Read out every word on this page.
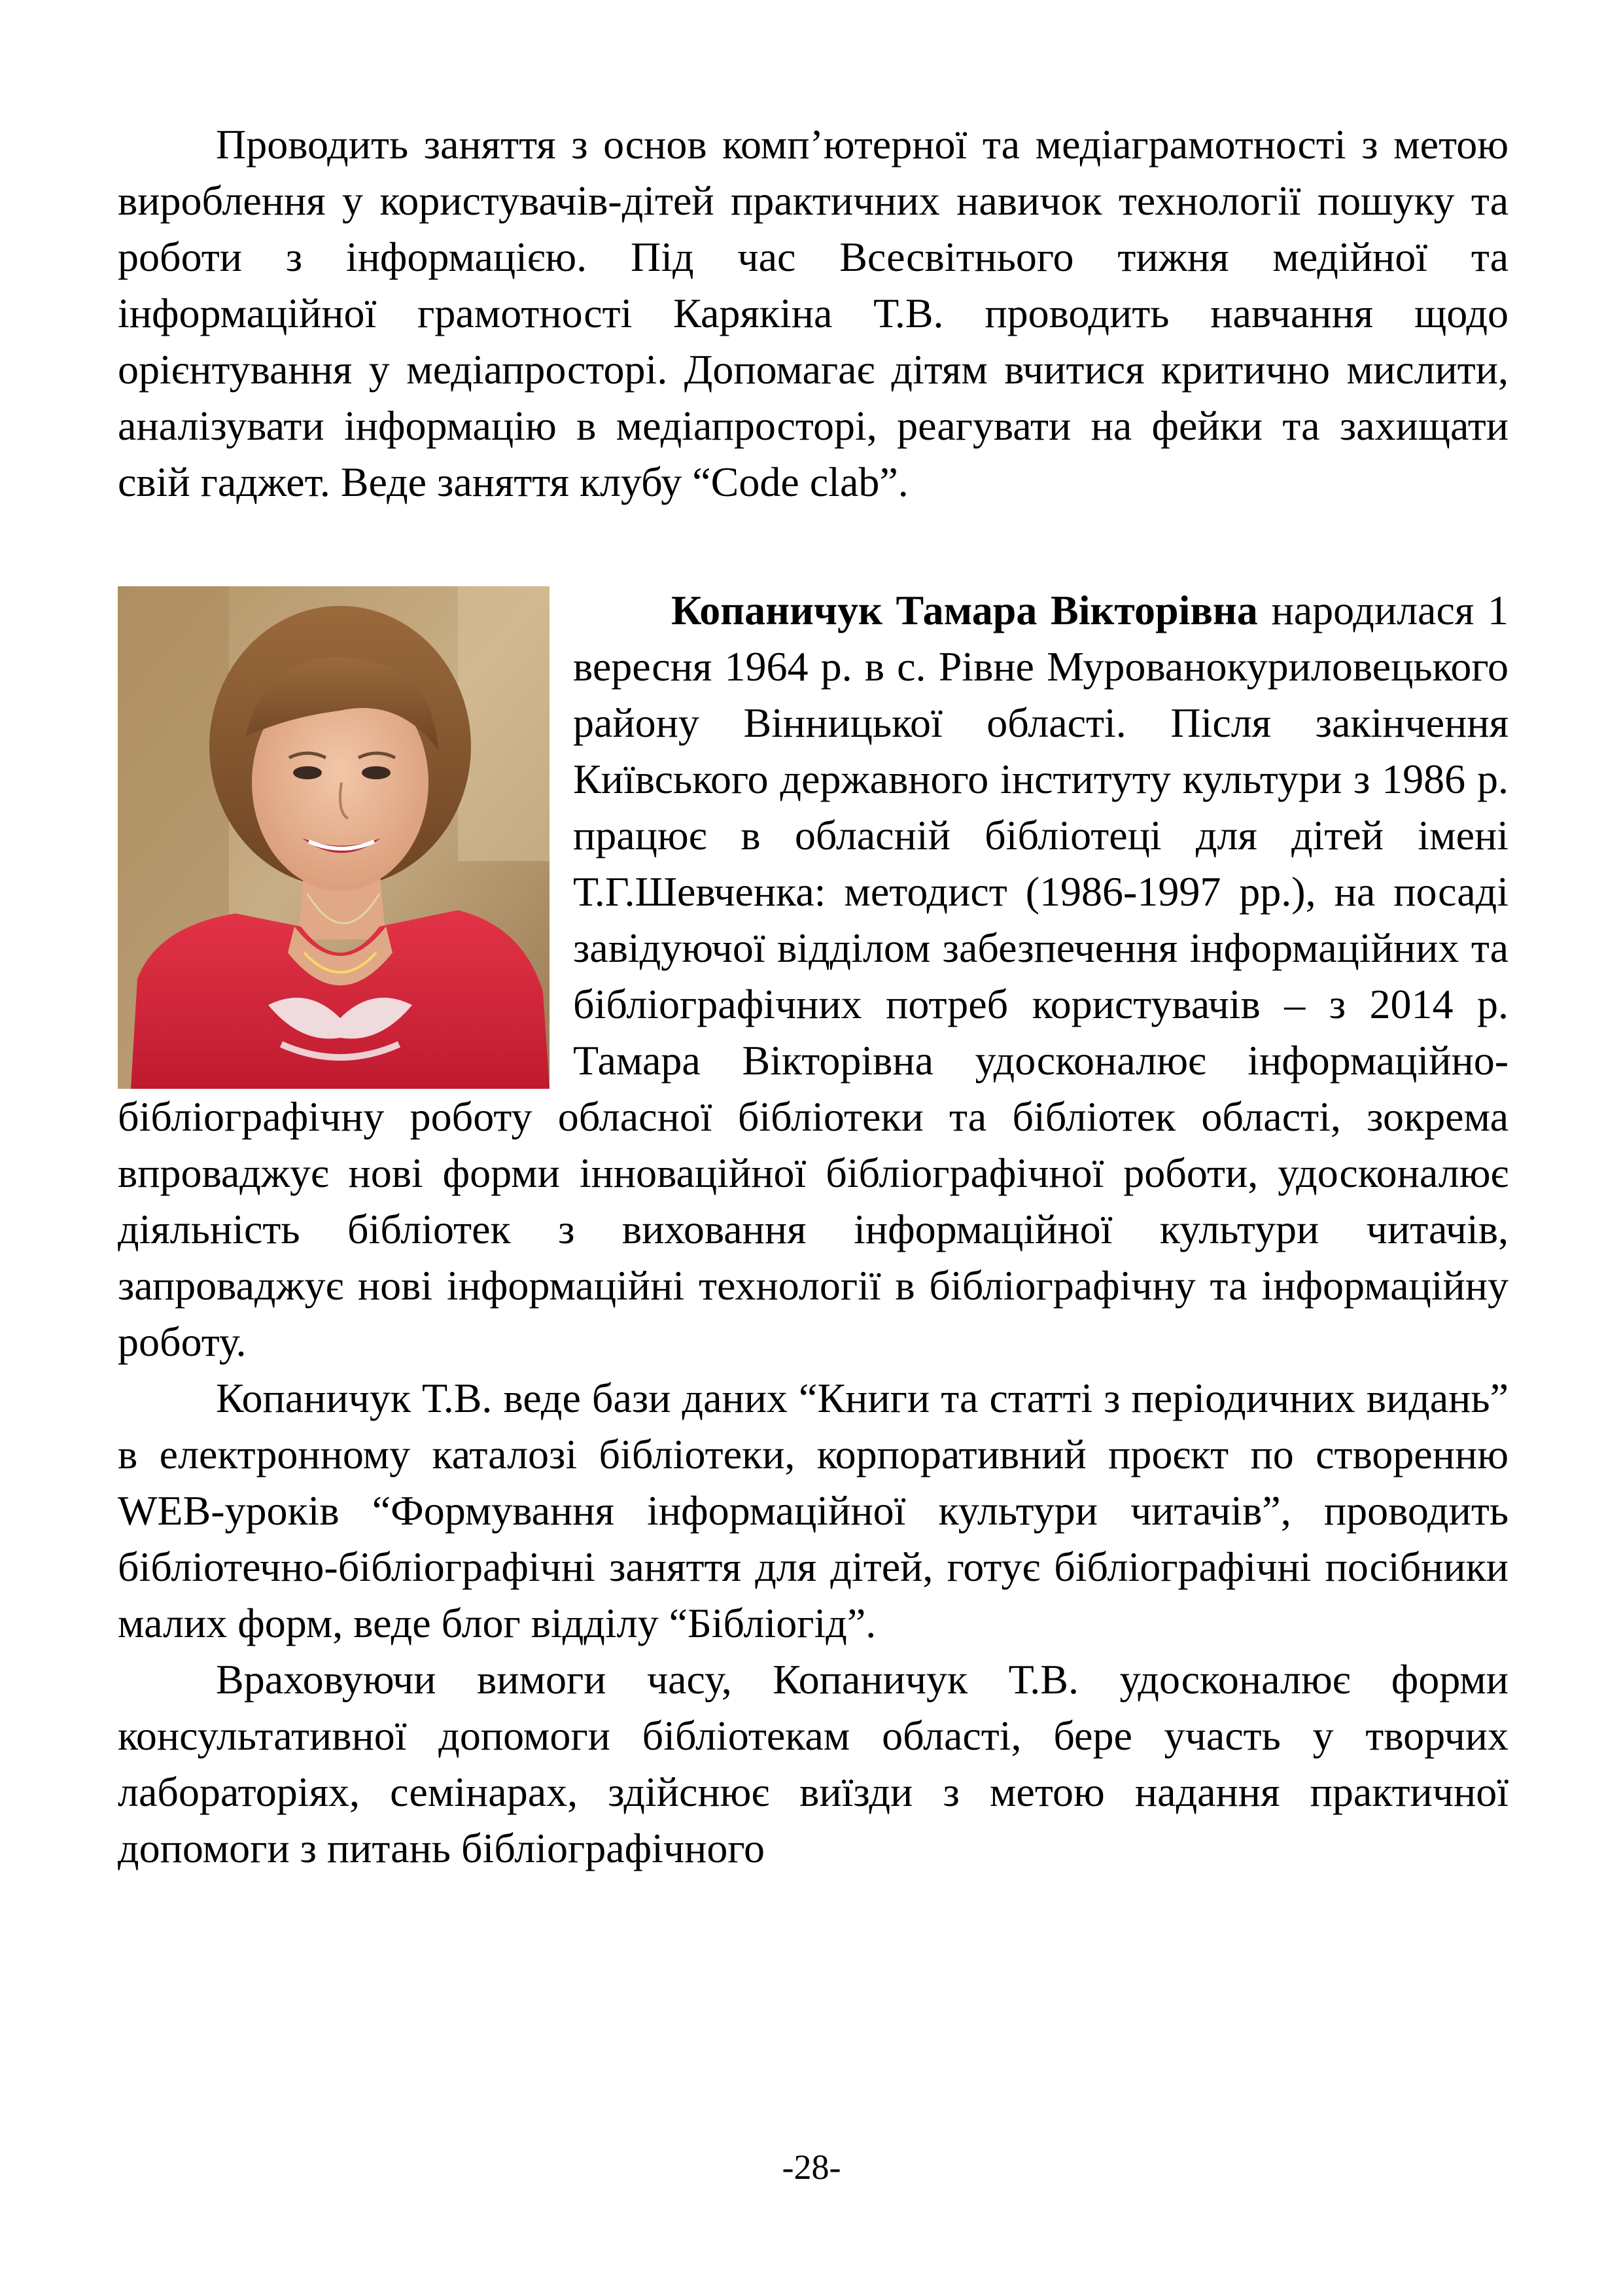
Проводить заняття з основ комп’ютерної та медіаграмотності з метою вироблення у користувачів-дітей практичних навичок технології пошуку та роботи з інформацією. Під час Всесвітнього тижня медійної та інформаційної грамотності Карякіна Т.В. проводить навчання щодо орієнтування у медіапросторі. Допомагає дітям вчитися критично мислити, аналізувати інформацію в медіапросторі, реагувати на фейки та захищати свій гаджет. Веде заняття клубу “Code clab”.

Копаничук Тамара Вікторівна народилася 1 вересня 1964 р. в с. Рівне Мурованокуриловецького району Вінницької області. Після закінчення Київського державного інституту культури з 1986 р. працює в обласній бібліотеці для дітей імені Т.Г.Шевченка: методист (1986-1997 рр.), на посаді завідуючої відділом забезпечення інформаційних та бібліографічних потреб користувачів – з 2014 р. Тамара Вікторівна удосконалює інформаційно-бібліографічну роботу обласної бібліотеки та бібліотек області, зокрема впроваджує нові форми інноваційної бібліографічної роботи, удосконалює діяльність бібліотек з виховання інформаційної культури читачів, запроваджує нові інформаційні технології в бібліографічну та інформаційну роботу.

Копаничук Т.В. веде бази даних “Книги та статті з періодичних видань” в електронному каталозі бібліотеки, корпоративний проєкт по створенню WEB-уроків “Формування інформаційної культури читачів”, проводить бібліотечно-бібліографічні заняття для дітей, готує бібліографічні посібники малих форм, веде блог відділу “Бібліогід”.

Враховуючи вимоги часу, Копаничук Т.В. удосконалює форми консультативної допомоги бібліотекам області, бере участь у творчих лабораторіях, семінарах, здійснює виїзди з метою надання практичної допомоги з питань бібліографічного

-28-
